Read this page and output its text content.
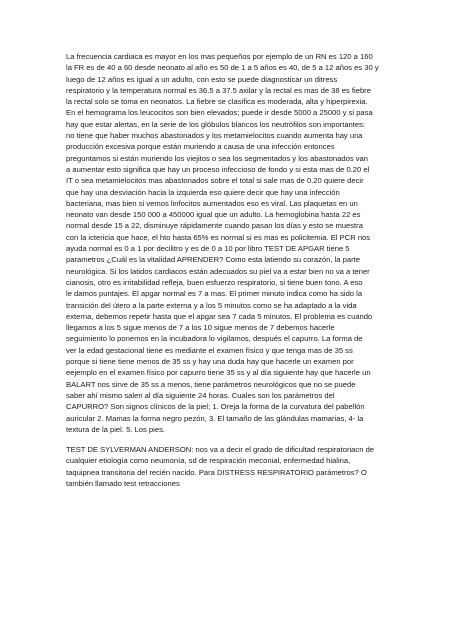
La frecuencia cardiaca es mayor en los mas pequeños por ejemplo de un RN es 120 a 160
la FR es de 40 a 60 desde neonato al año es 50 de 1 a 5 años es 40, de 5 a 12 años es 30 y
luego de 12 años es igual a un adulto, con esto se puede diagnosticar un ditress
respiratorio y la temperatura normal es 36.5 a 37.5 axilar y la rectal es mas de 38 es fiebre
la rectal solo se toma en neonatos. La fiebre se clasifica es moderada, alta y hiperpirexia.
En el hemograma los leucocitos son bien elevados; puede ir desde 5000 a 25000 y si pasa
hay que estar alertas, en la serie de los glóbulos blancos los neutrófilos son importantes:
no tiene que haber muchos abastonados y los metamielocitos cuando aumenta hay una
producción excesiva porque están muriendo a causa de una infección entonces
preguntamos si están muriendo los viejitos o sea los segmentados y los abastonados van
a aumentar esto significa que hay un proceso infeccioso de fondo y si esta mas de 0.20 el
IT o sea metamielocitos mas abastonados sobre el total si sale mas de 0.20 quiere decir
que hay una desviación hacia la izquierda eso quiere decir que hay una infección
bacteriana, mas bien si vemos linfocitos aumentados eso es viral. Las plaquetas en un
neonato van desde 150 000 a 450000 igual que un adulto. La hemoglobina hasta 22 es
normal desde 15 a 22, disminuye rápidamente cuando pasan los días y esto se muestra
con la ictericia que hace, el hto hasta 65% es normal si es mas es policitemia. El PCR nos
ayuda normal es 0 a 1 por decilitro y es de 0 a 10 por libro TEST DE APGAR tiene 5
parametros ¿Cuál es la vitalidad APRENDER? Como esta latiendo su corazón, la parte
neurológica. Si los latidos cardiacos están adecuados su piel va a estar bien no va a tener
cianosis, otro es irritabilidad refleja, buen esfuerzo respiratorio, si tiene buen tono. A eso
le damos puntajes. El apgar normal es 7 a mas. El primer minuto indica como ha sido la
transición del útero a la parte externa y a los 5 minutos como se ha adaptado a la vida
externa, debemos repetir hasta que el apgar sea 7 cada 5 minutos. El problema es cuando
llegamos a los 5 sigue menos de 7 a los 10 sigue menos de 7 debemos hacerle
seguimiento lo ponemos en la incubadora lo vigilamos, después el capurro. La forma de
ver la edad gestacional tiene es mediante el examen físico y que tenga mas de 35 ss
porque si tiene tiene menos de 35 ss y hay una duda hay que hacerle un examen por
eejemplo en el examen físico por capurro tiene 35 ss y al día siguiente hay que hacerle un
BALART nos sirve de 35 ss a menos, tiene parámetros neurológicos que no se puede
saber ahí mismo salen al día siguiente 24 horas. Cuales son los parámetros del
CAPURRO? Son signos clínicos de la piel; 1. Oreja la forma de la curvatura del pabellón
auricular 2. Mamas la forma negro pezón, 3. El tamaño de las glándulas mamarias, 4- la
textura de la piel. 5. Los pies.

TEST DE SYLVERMAN ANDERSON: nos va a decir el grado de dificultad respiratoriacn de
cualquier etiología como neumonía, sd de respiración meconial, enfermedad hialina,
taquipnea transitoria del recién nacido. Para DISTRESS RESPIRATORIO parámetros? O
también llamado test retracciones
